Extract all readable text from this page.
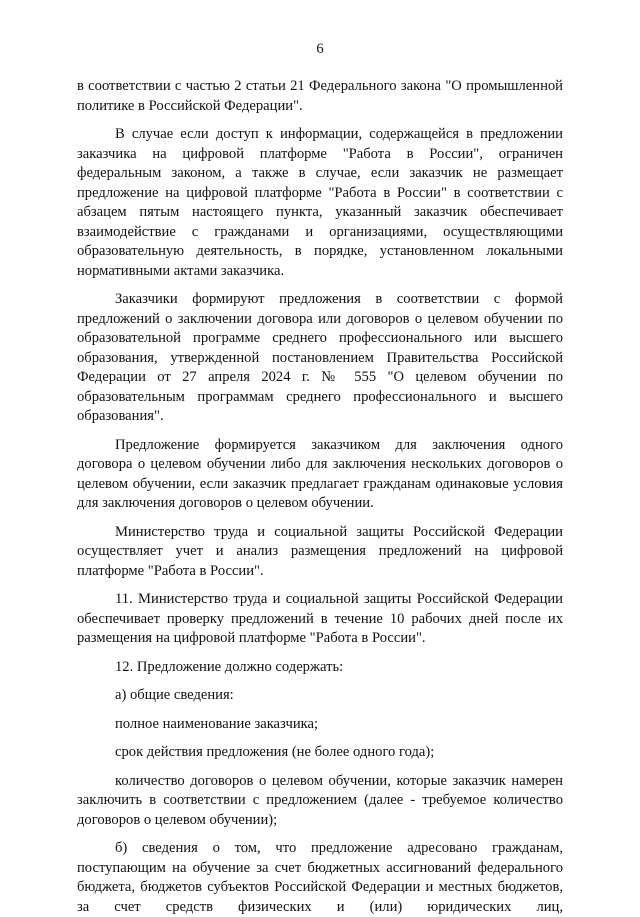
6

в соответствии с частью 2 статьи 21 Федерального закона "О промышленной политике в Российской Федерации".

В случае если доступ к информации, содержащейся в предложении заказчика на цифровой платформе "Работа в России", ограничен федеральным законом, а также в случае, если заказчик не размещает предложение на цифровой платформе "Работа в России" в соответствии с абзацем пятым настоящего пункта, указанный заказчик обеспечивает взаимодействие с гражданами и организациями, осуществляющими образовательную деятельность, в порядке, установленном локальными нормативными актами заказчика.

Заказчики формируют предложения в соответствии с формой предложений о заключении договора или договоров о целевом обучении по образовательной программе среднего профессионального или высшего образования, утвержденной постановлением Правительства Российской Федерации от 27 апреля 2024 г. № 555 "О целевом обучении по образовательным программам среднего профессионального и высшего образования".

Предложение формируется заказчиком для заключения одного договора о целевом обучении либо для заключения нескольких договоров о целевом обучении, если заказчик предлагает гражданам одинаковые условия для заключения договоров о целевом обучении.

Министерство труда и социальной защиты Российской Федерации осуществляет учет и анализ размещения предложений на цифровой платформе "Работа в России".

11. Министерство труда и социальной защиты Российской Федерации обеспечивает проверку предложений в течение 10 рабочих дней после их размещения на цифровой платформе "Работа в России".

12. Предложение должно содержать:

а) общие сведения:

полное наименование заказчика;

срок действия предложения (не более одного года);

количество договоров о целевом обучении, которые заказчик намерен заключить в соответствии с предложением (далее - требуемое количество договоров о целевом обучении);

б) сведения о том, что предложение адресовано гражданам, поступающим на обучение за счет бюджетных ассигнований федерального бюджета, бюджетов субъектов Российской Федерации и местных бюджетов, за счет средств физических и (или) юридических лиц,
